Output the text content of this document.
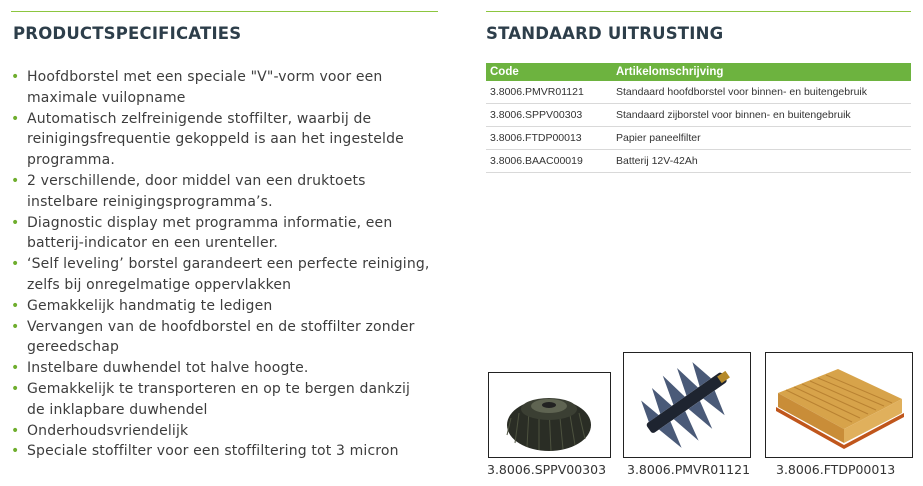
PRODUCTSPECIFICATIES
• Hoofdborstel met een speciale "V"-vorm voor een maximale vuilopname
• Automatisch zelfreinigende stoffilter, waarbij de reinigingsfrequentie gekoppeld is aan het ingestelde programma.
• 2 verschillende, door middel van een druktoets instelbare reinigingsprogramma’s.
• Diagnostic display met programma informatie, een batterij-indicator en een urenteller.
• ‘Self leveling’ borstel garandeert een perfecte reiniging, zelfs bij onregelmatige oppervlakken
• Gemakkelijk handmatig te ledigen
• Vervangen van de hoofdborstel en de stoffilter zonder gereedschap
• Instelbare duwhendel tot halve hoogte.
• Gemakkelijk te transporteren en op te bergen dankzij de inklapbare duwhendel
• Onderhoudsvriendelijk
• Speciale stoffilter voor een stoffiltering tot 3 micron
STANDAARD UITRUSTING
Code	Artikelomschrijving
3.8006.PMVR01121	Standaard hoofdborstel voor binnen- en buitengebruik
3.8006.SPPV00303	Standaard zijborstel voor binnen- en buitengebruik
3.8006.FTDP00013	Papier paneelfilter
3.8006.BAAC00019	Batterij 12V-42Ah
3.8006.SPPV00303 3.8006.PMVR01121 3.8006.FTDP00013
